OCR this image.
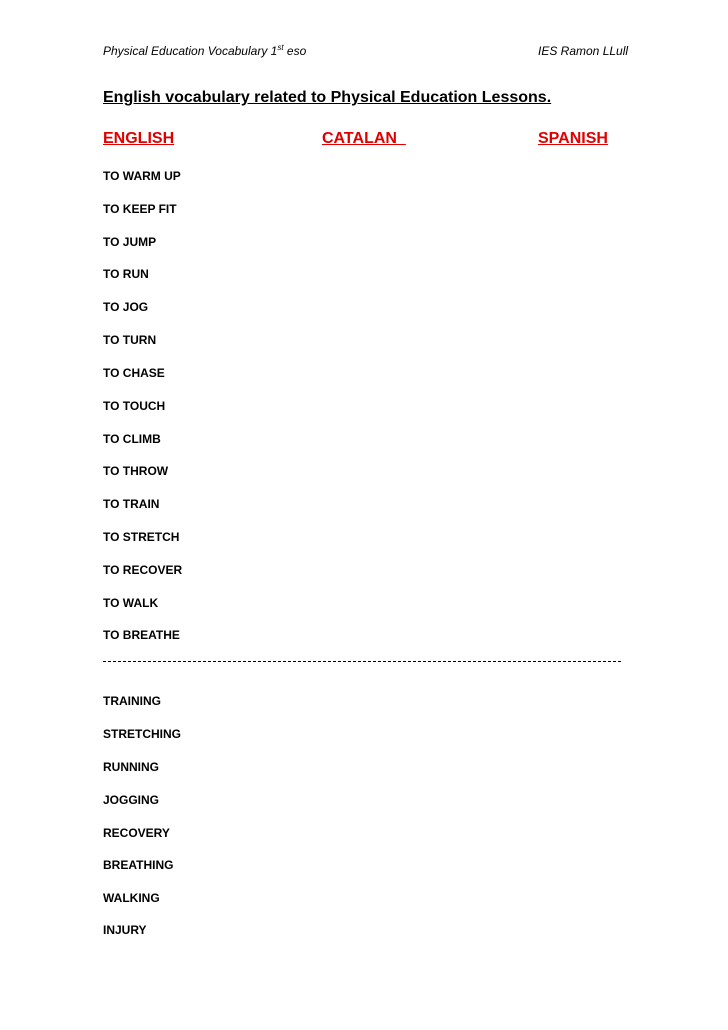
Physical Education Vocabulary 1st eso	IES Ramon LLull
English vocabulary related to Physical Education Lessons.
ENGLISH	CATALAN	SPANISH
TO WARM UP
TO KEEP FIT
TO JUMP
TO RUN
TO JOG
TO TURN
TO CHASE
TO TOUCH
TO CLIMB
TO THROW
TO TRAIN
TO STRETCH
TO RECOVER
TO WALK
TO BREATHE
TRAINING
STRETCHING
RUNNING
JOGGING
RECOVERY
BREATHING
WALKING
INJURY
